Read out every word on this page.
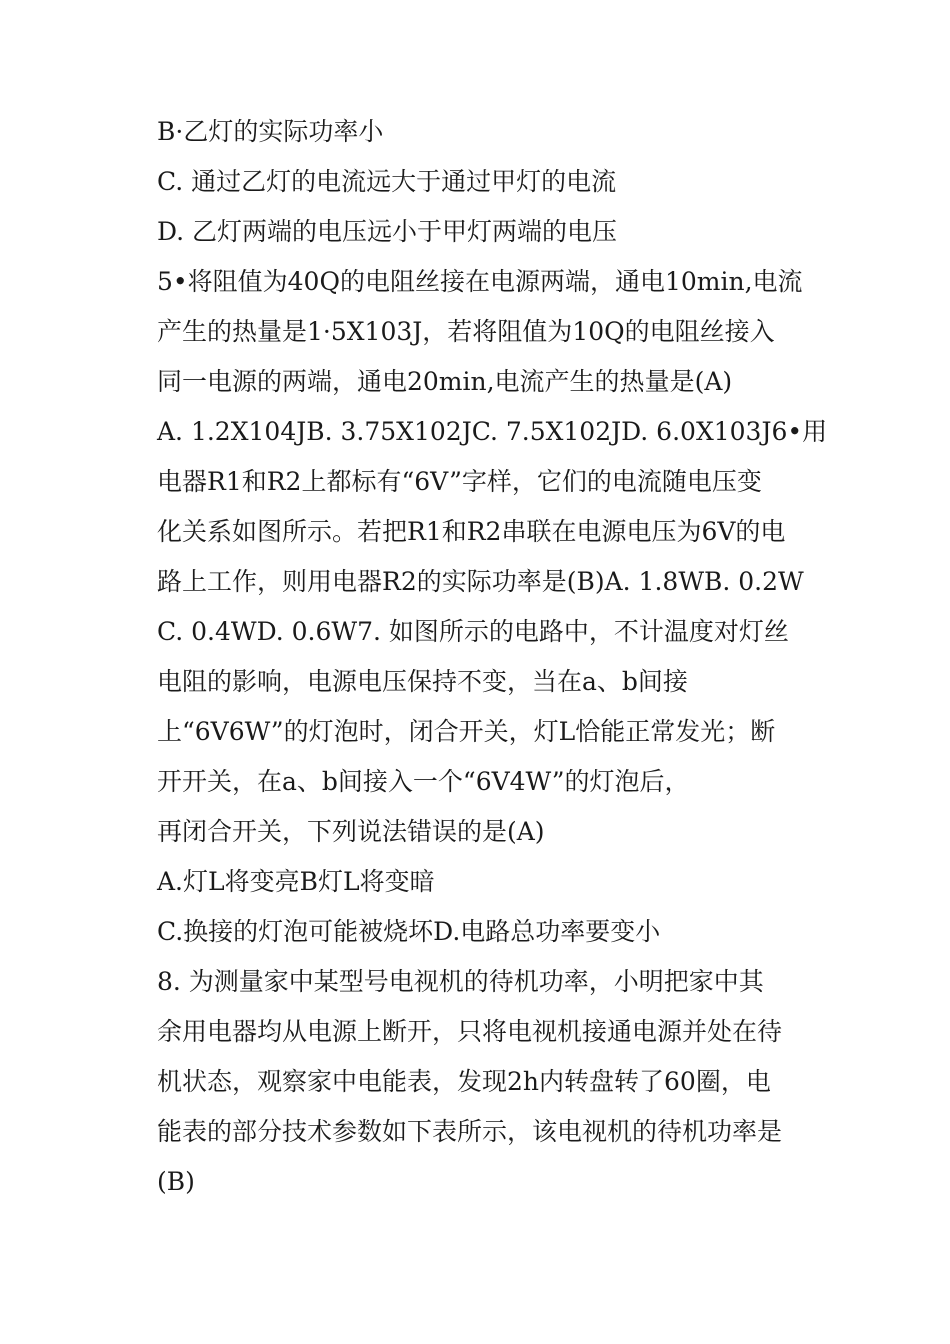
B·乙灯的实际功率小
C. 通过乙灯的电流远大于通过甲灯的电流
D. 乙灯两端的电压远小于甲灯两端的电压
5•将阻值为40Q的电阻丝接在电源两端，通电10min,电流
产生的热量是1·5X103J，若将阻值为10Q的电阻丝接入
同一电源的两端，通电20min,电流产生的热量是(A)
A. 1.2X104JB. 3.75X102JC. 7.5X102JD. 6.0X103J6•用
电器R1和R2上都标有“6V”字样，它们的电流随电压变
化关系如图所示。若把R1和R2串联在电源电压为6V的电
路上工作，则用电器R2的实际功率是(B)A. 1.8WB. 0.2W
C. 0.4WD. 0.6W7. 如图所示的电路中，不计温度对灯丝
电阻的影响，电源电压保持不变，当在a、b间接
上“6V6W”的灯泡时，闭合开关，灯L恰能正常发光；断
开开关，在a、b间接入一个“6V4W”的灯泡后，
再闭合开关，下列说法错误的是(A)
A.灯L将变亮B灯L将变暗
C.换接的灯泡可能被烧坏D.电路总功率要变小
8. 为测量家中某型号电视机的待机功率，小明把家中其
余用电器均从电源上断开，只将电视机接通电源并处在待
机状态，观察家中电能表，发现2h内转盘转了60圈，电
能表的部分技术参数如下表所示，该电视机的待机功率是
(B)
